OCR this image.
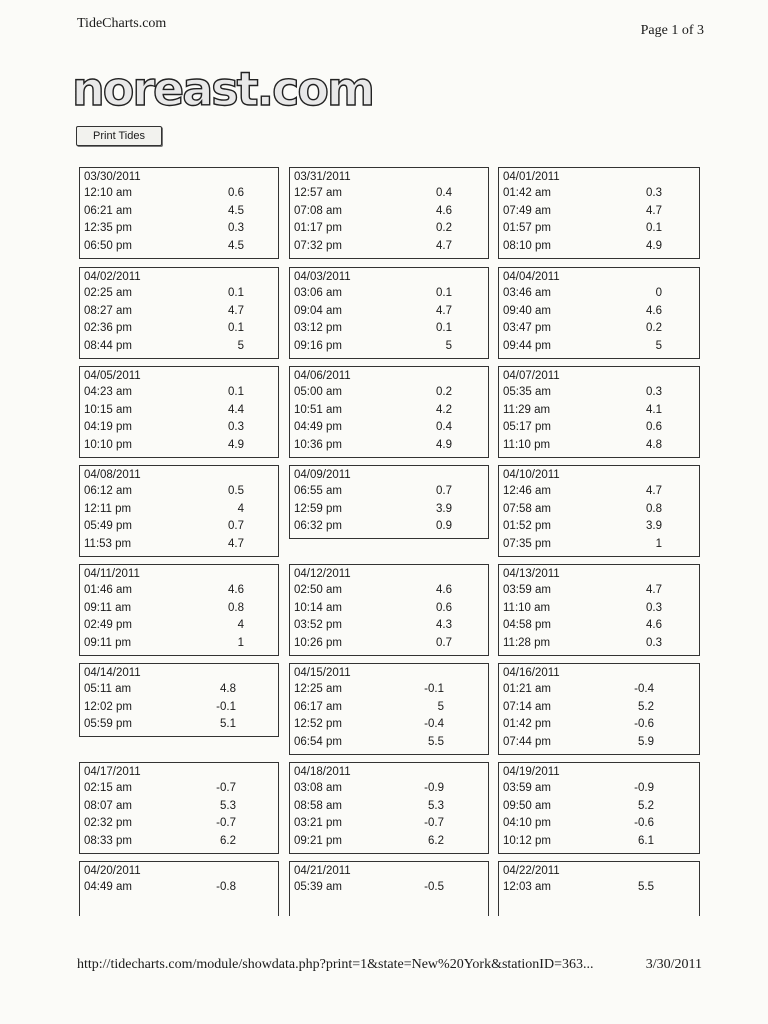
TideCharts.com	Page 1 of 3
noreast.com
Print Tides
03/30/2011
12:10 am	0.6
06:21 am	4.5
12:35 pm	0.3
06:50 pm	4.5
03/31/2011
12:57 am	0.4
07:08 am	4.6
01:17 pm	0.2
07:32 pm	4.7
04/01/2011
01:42 am	0.3
07:49 am	4.7
01:57 pm	0.1
08:10 pm	4.9
04/02/2011
02:25 am	0.1
08:27 am	4.7
02:36 pm	0.1
08:44 pm	5
04/03/2011
03:06 am	0.1
09:04 am	4.7
03:12 pm	0.1
09:16 pm	5
04/04/2011
03:46 am	0
09:40 am	4.6
03:47 pm	0.2
09:44 pm	5
04/05/2011
04:23 am	0.1
10:15 am	4.4
04:19 pm	0.3
10:10 pm	4.9
04/06/2011
05:00 am	0.2
10:51 am	4.2
04:49 pm	0.4
10:36 pm	4.9
04/07/2011
05:35 am	0.3
11:29 am	4.1
05:17 pm	0.6
11:10 pm	4.8
04/08/2011
06:12 am	0.5
12:11 pm	4
05:49 pm	0.7
11:53 pm	4.7
04/09/2011
06:55 am	0.7
12:59 pm	3.9
06:32 pm	0.9
04/10/2011
12:46 am	4.7
07:58 am	0.8
01:52 pm	3.9
07:35 pm	1
04/11/2011
01:46 am	4.6
09:11 am	0.8
02:49 pm	4
09:11 pm	1
04/12/2011
02:50 am	4.6
10:14 am	0.6
03:52 pm	4.3
10:26 pm	0.7
04/13/2011
03:59 am	4.7
11:10 am	0.3
04:58 pm	4.6
11:28 pm	0.3
04/14/2011
05:11 am	4.8
12:02 pm	-0.1
05:59 pm	5.1
04/15/2011
12:25 am	-0.1
06:17 am	5
12:52 pm	-0.4
06:54 pm	5.5
04/16/2011
01:21 am	-0.4
07:14 am	5.2
01:42 pm	-0.6
07:44 pm	5.9
04/17/2011
02:15 am	-0.7
08:07 am	5.3
02:32 pm	-0.7
08:33 pm	6.2
04/18/2011
03:08 am	-0.9
08:58 am	5.3
03:21 pm	-0.7
09:21 pm	6.2
04/19/2011
03:59 am	-0.9
09:50 am	5.2
04:10 pm	-0.6
10:12 pm	6.1
04/20/2011
04:49 am	-0.8
04/21/2011
05:39 am	-0.5
04/22/2011
12:03 am	5.5
http://tidecharts.com/module/showdata.php?print=1&state=New%20York&stationID=363...	3/30/2011
